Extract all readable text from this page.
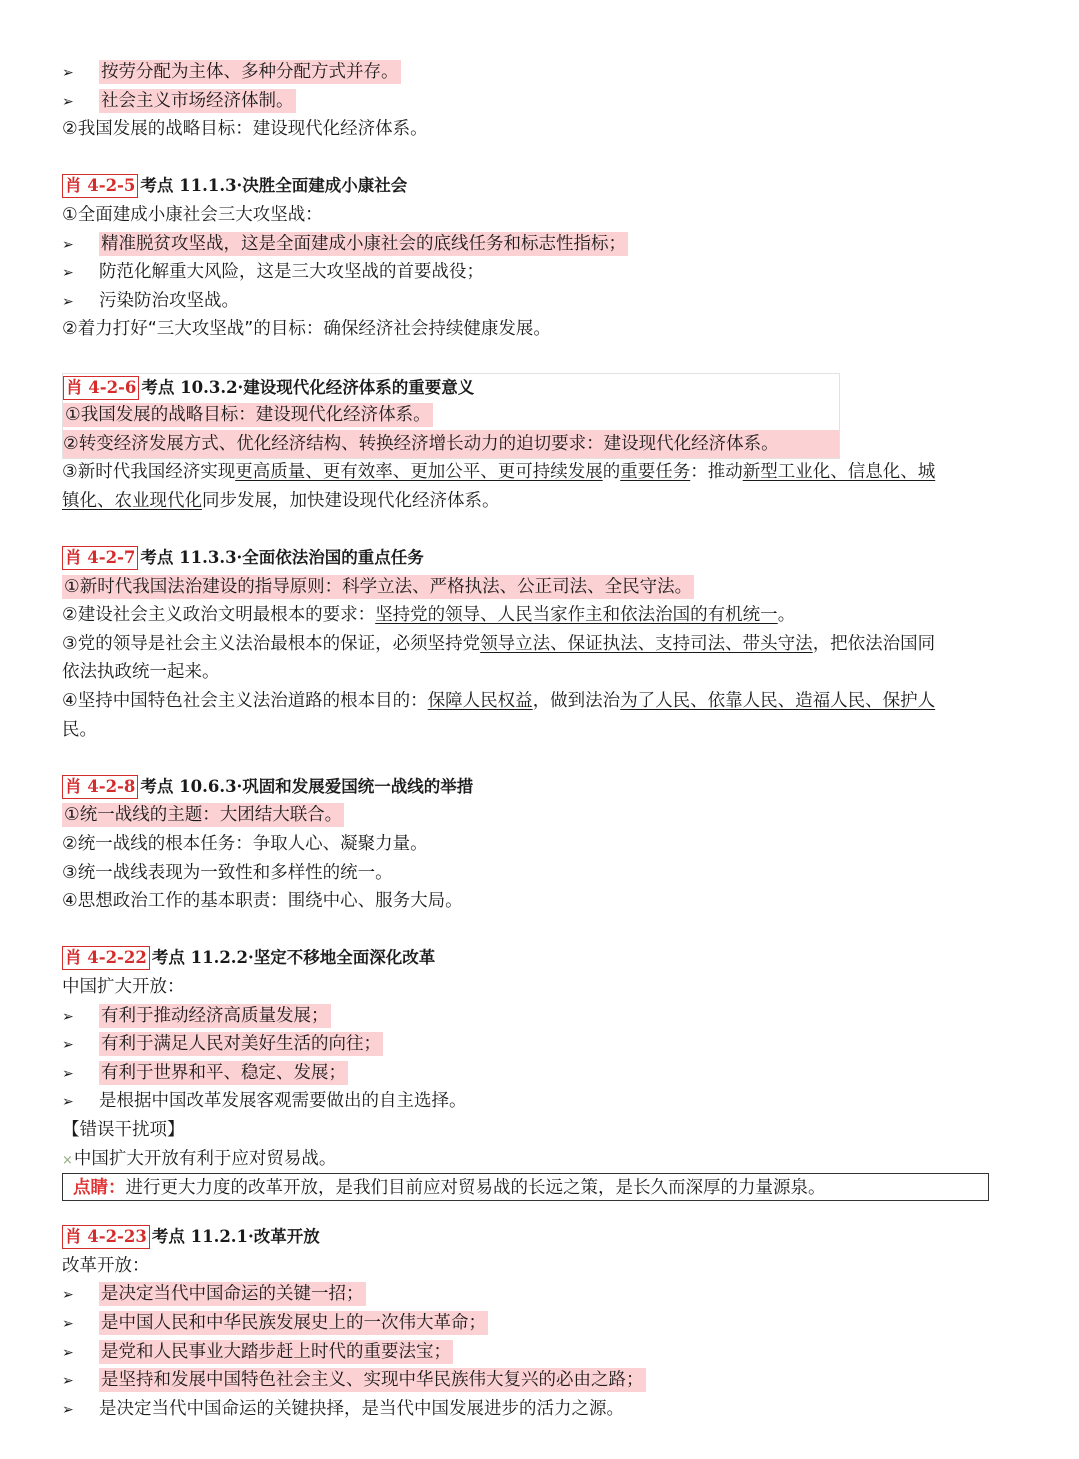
➢ 按劳分配为主体、多种分配方式并存。
➢ 社会主义市场经济体制。
②我国发展的战略目标：建设现代化经济体系。
肖 4-2-5 考点 11.1.3·决胜全面建成小康社会
①全面建成小康社会三大攻坚战：
➢ 精准脱贫攻坚战，这是全面建成小康社会的底线任务和标志性指标；
➢ 防范化解重大风险，这是三大攻坚战的首要战役；
➢ 污染防治攻坚战。
②着力打好“三大攻坚战”的目标：确保经济社会持续健康发展。
肖 4-2-6 考点 10.3.2·建设现代化经济体系的重要意义
①我国发展的战略目标：建设现代化经济体系。
②转变经济发展方式、优化经济结构、转换经济增长动力的迫切要求：建设现代化经济体系。
③新时代我国经济实现更高质量、更有效率、更加公平、更可持续发展的重要任务：推动新型工业化、信息化、城
镇化、农业现代化同步发展，加快建设现代化经济体系。
肖 4-2-7 考点 11.3.3·全面依法治国的重点任务
①新时代我国法治建设的指导原则：科学立法、严格执法、公正司法、全民守法。
②建设社会主义政治文明最根本的要求：坚持党的领导、人民当家作主和依法治国的有机统一。
③党的领导是社会主义法治最根本的保证，必须坚持党领导立法、保证执法、支持司法、带头守法，把依法治国同
依法执政统一起来。
④坚持中国特色社会主义法治道路的根本目的：保障人民权益，做到法治为了人民、依靠人民、造福人民、保护人
民。
肖 4-2-8 考点 10.6.3·巩固和发展爱国统一战线的举措
①统一战线的主题：大团结大联合。
②统一战线的根本任务：争取人心、凝聚力量。
③统一战线表现为一致性和多样性的统一。
④思想政治工作的基本职责：围绕中心、服务大局。
肖 4-2-22 考点 11.2.2·坚定不移地全面深化改革
中国扩大开放：
➢ 有利于推动经济高质量发展；
➢ 有利于满足人民对美好生活的向往；
➢ 有利于世界和平、稳定、发展；
➢ 是根据中国改革发展客观需要做出的自主选择。
【错误干扰项】
×中国扩大开放有利于应对贸易战。
点睛：进行更大力度的改革开放，是我们目前应对贸易战的长远之策，是长久而深厚的力量源泉。
肖 4-2-23 考点 11.2.1·改革开放
改革开放：
➢ 是决定当代中国命运的关键一招；
➢ 是中国人民和中华民族发展史上的一次伟大革命；
➢ 是党和人民事业大踏步赶上时代的重要法宝；
➢ 是坚持和发展中国特色社会主义、实现中华民族伟大复兴的必由之路；
➢ 是决定当代中国命运的关键抉择，是当代中国发展进步的活力之源。
